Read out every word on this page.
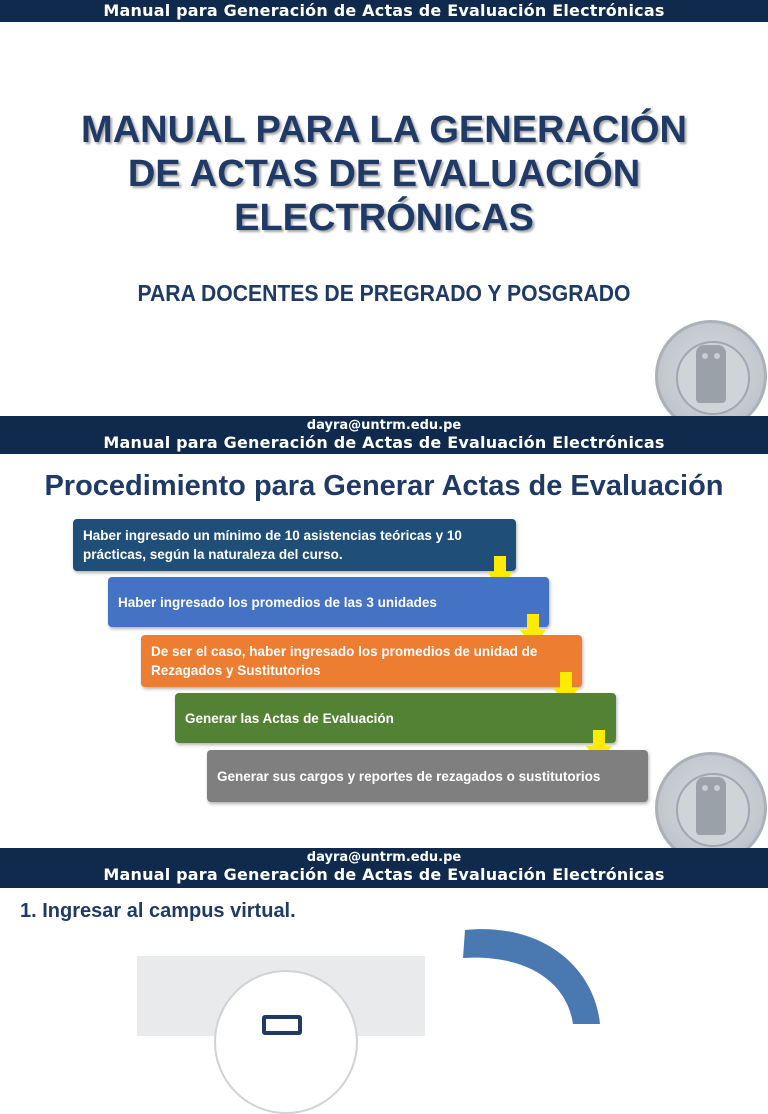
Manual para Generación de Actas de Evaluación Electrónicas
MANUAL PARA LA GENERACIÓN
DE ACTAS DE EVALUACIÓN
ELECTRÓNICAS
PARA DOCENTES DE PREGRADO Y POSGRADO
dayra@untrm.edu.pe
Manual para Generación de Actas de Evaluación Electrónicas
Procedimiento para Generar Actas de Evaluación
Haber ingresado un mínimo de 10 asistencias teóricas y 10 prácticas, según la naturaleza del curso.
Haber ingresado los promedios de las 3 unidades
De ser el caso, haber ingresado los promedios de unidad de Rezagados y Sustitutorios
Generar las Actas de Evaluación
Generar sus cargos y reportes de rezagados o sustitutorios
dayra@untrm.edu.pe
Manual para Generación de Actas de Evaluación Electrónicas
1. Ingresar al campus virtual.
